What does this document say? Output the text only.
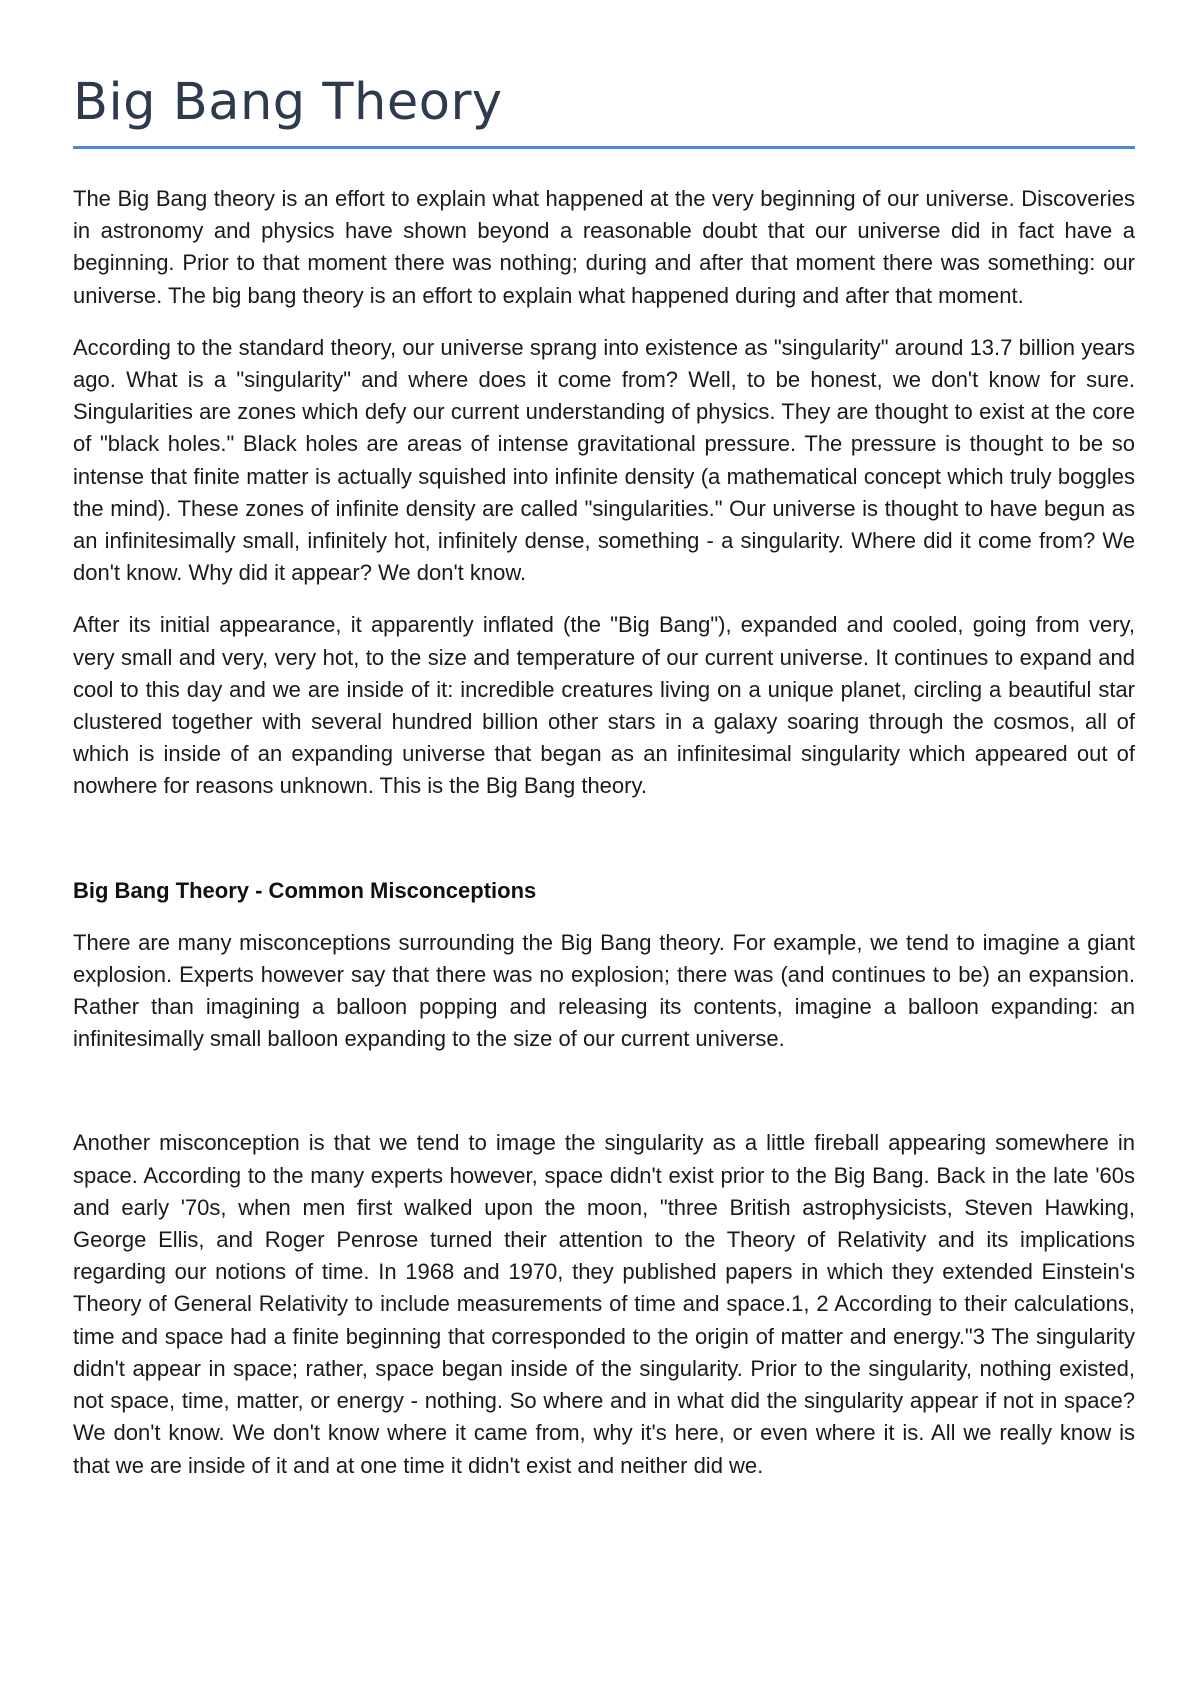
Big Bang Theory

The Big Bang theory is an effort to explain what happened at the very beginning of our universe. Discoveries in astronomy and physics have shown beyond a reasonable doubt that our universe did in fact have a beginning. Prior to that moment there was nothing; during and after that moment there was something: our universe. The big bang theory is an effort to explain what happened during and after that moment.

According to the standard theory, our universe sprang into existence as "singularity" around 13.7 billion years ago. What is a "singularity" and where does it come from? Well, to be honest, we don't know for sure. Singularities are zones which defy our current understanding of physics. They are thought to exist at the core of "black holes." Black holes are areas of intense gravitational pressure. The pressure is thought to be so intense that finite matter is actually squished into infinite density (a mathematical concept which truly boggles the mind). These zones of infinite density are called "singularities." Our universe is thought to have begun as an infinitesimally small, infinitely hot, infinitely dense, something - a singularity. Where did it come from? We don't know. Why did it appear? We don't know.

After its initial appearance, it apparently inflated (the "Big Bang"), expanded and cooled, going from very, very small and very, very hot, to the size and temperature of our current universe. It continues to expand and cool to this day and we are inside of it: incredible creatures living on a unique planet, circling a beautiful star clustered together with several hundred billion other stars in a galaxy soaring through the cosmos, all of which is inside of an expanding universe that began as an infinitesimal singularity which appeared out of nowhere for reasons unknown. This is the Big Bang theory.

Big Bang Theory - Common Misconceptions

There are many misconceptions surrounding the Big Bang theory. For example, we tend to imagine a giant explosion. Experts however say that there was no explosion; there was (and continues to be) an expansion. Rather than imagining a balloon popping and releasing its contents, imagine a balloon expanding: an infinitesimally small balloon expanding to the size of our current universe.

Another misconception is that we tend to image the singularity as a little fireball appearing somewhere in space. According to the many experts however, space didn't exist prior to the Big Bang. Back in the late '60s and early '70s, when men first walked upon the moon, "three British astrophysicists, Steven Hawking, George Ellis, and Roger Penrose turned their attention to the Theory of Relativity and its implications regarding our notions of time. In 1968 and 1970, they published papers in which they extended Einstein's Theory of General Relativity to include measurements of time and space.1, 2 According to their calculations, time and space had a finite beginning that corresponded to the origin of matter and energy."3 The singularity didn't appear in space; rather, space began inside of the singularity. Prior to the singularity, nothing existed, not space, time, matter, or energy - nothing. So where and in what did the singularity appear if not in space? We don't know. We don't know where it came from, why it's here, or even where it is. All we really know is that we are inside of it and at one time it didn't exist and neither did we.
